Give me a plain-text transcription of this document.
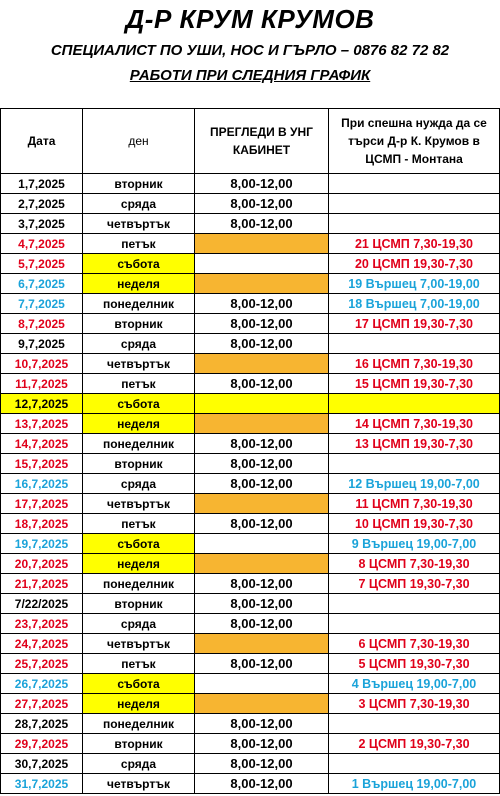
Д-Р КРУМ КРУМОВ
СПЕЦИАЛИСТ ПО УШИ, НОС И ГЪРЛО – 0876 82 72 82
РАБОТИ ПРИ СЛЕДНИЯ ГРАФИК
Дата	ден	ПРЕГЛЕДИ В УНГ КАБИНЕТ	При спешна нужда да се търси Д-р К. Крумов в ЦСМП - Монтана

1,7,2025	вторник	8,00-12,00	
2,7,2025	сряда	8,00-12,00	
3,7,2025	четвъртък	8,00-12,00	
4,7,2025	петък		21 ЦСМП 7,30-19,30
5,7,2025	събота		20 ЦСМП 19,30-7,30
6,7,2025	неделя		19 Вършец 7,00-19,00
7,7,2025	понеделник	8,00-12,00	18 Вършец 7,00-19,00
8,7,2025	вторник	8,00-12,00	17 ЦСМП 19,30-7,30
9,7,2025	сряда	8,00-12,00	
10,7,2025	четвъртък		16 ЦСМП 7,30-19,30
11,7,2025	петък	8,00-12,00	15 ЦСМП 19,30-7,30
12,7,2025	събота		
13,7,2025	неделя		14 ЦСМП 7,30-19,30
14,7,2025	понеделник	8,00-12,00	13 ЦСМП 19,30-7,30
15,7,2025	вторник	8,00-12,00	
16,7,2025	сряда	8,00-12,00	12 Вършец 19,00-7,00
17,7,2025	четвъртък		11 ЦСМП 7,30-19,30
18,7,2025	петък	8,00-12,00	10 ЦСМП 19,30-7,30
19,7,2025	събота		9 Вършец 19,00-7,00
20,7,2025	неделя		8 ЦСМП 7,30-19,30
21,7,2025	понеделник	8,00-12,00	7 ЦСМП 19,30-7,30
7/22/2025	вторник	8,00-12,00	
23,7,2025	сряда	8,00-12,00	
24,7,2025	четвъртък		6 ЦСМП 7,30-19,30
25,7,2025	петък	8,00-12,00	5 ЦСМП 19,30-7,30
26,7,2025	събота		4 Вършец 19,00-7,00
27,7,2025	неделя		3 ЦСМП 7,30-19,30
28,7,2025	понеделник	8,00-12,00	
29,7,2025	вторник	8,00-12,00	2 ЦСМП 19,30-7,30
30,7,2025	сряда	8,00-12,00	
31,7,2025	четвъртък	8,00-12,00	1 Вършец 19,00-7,00
